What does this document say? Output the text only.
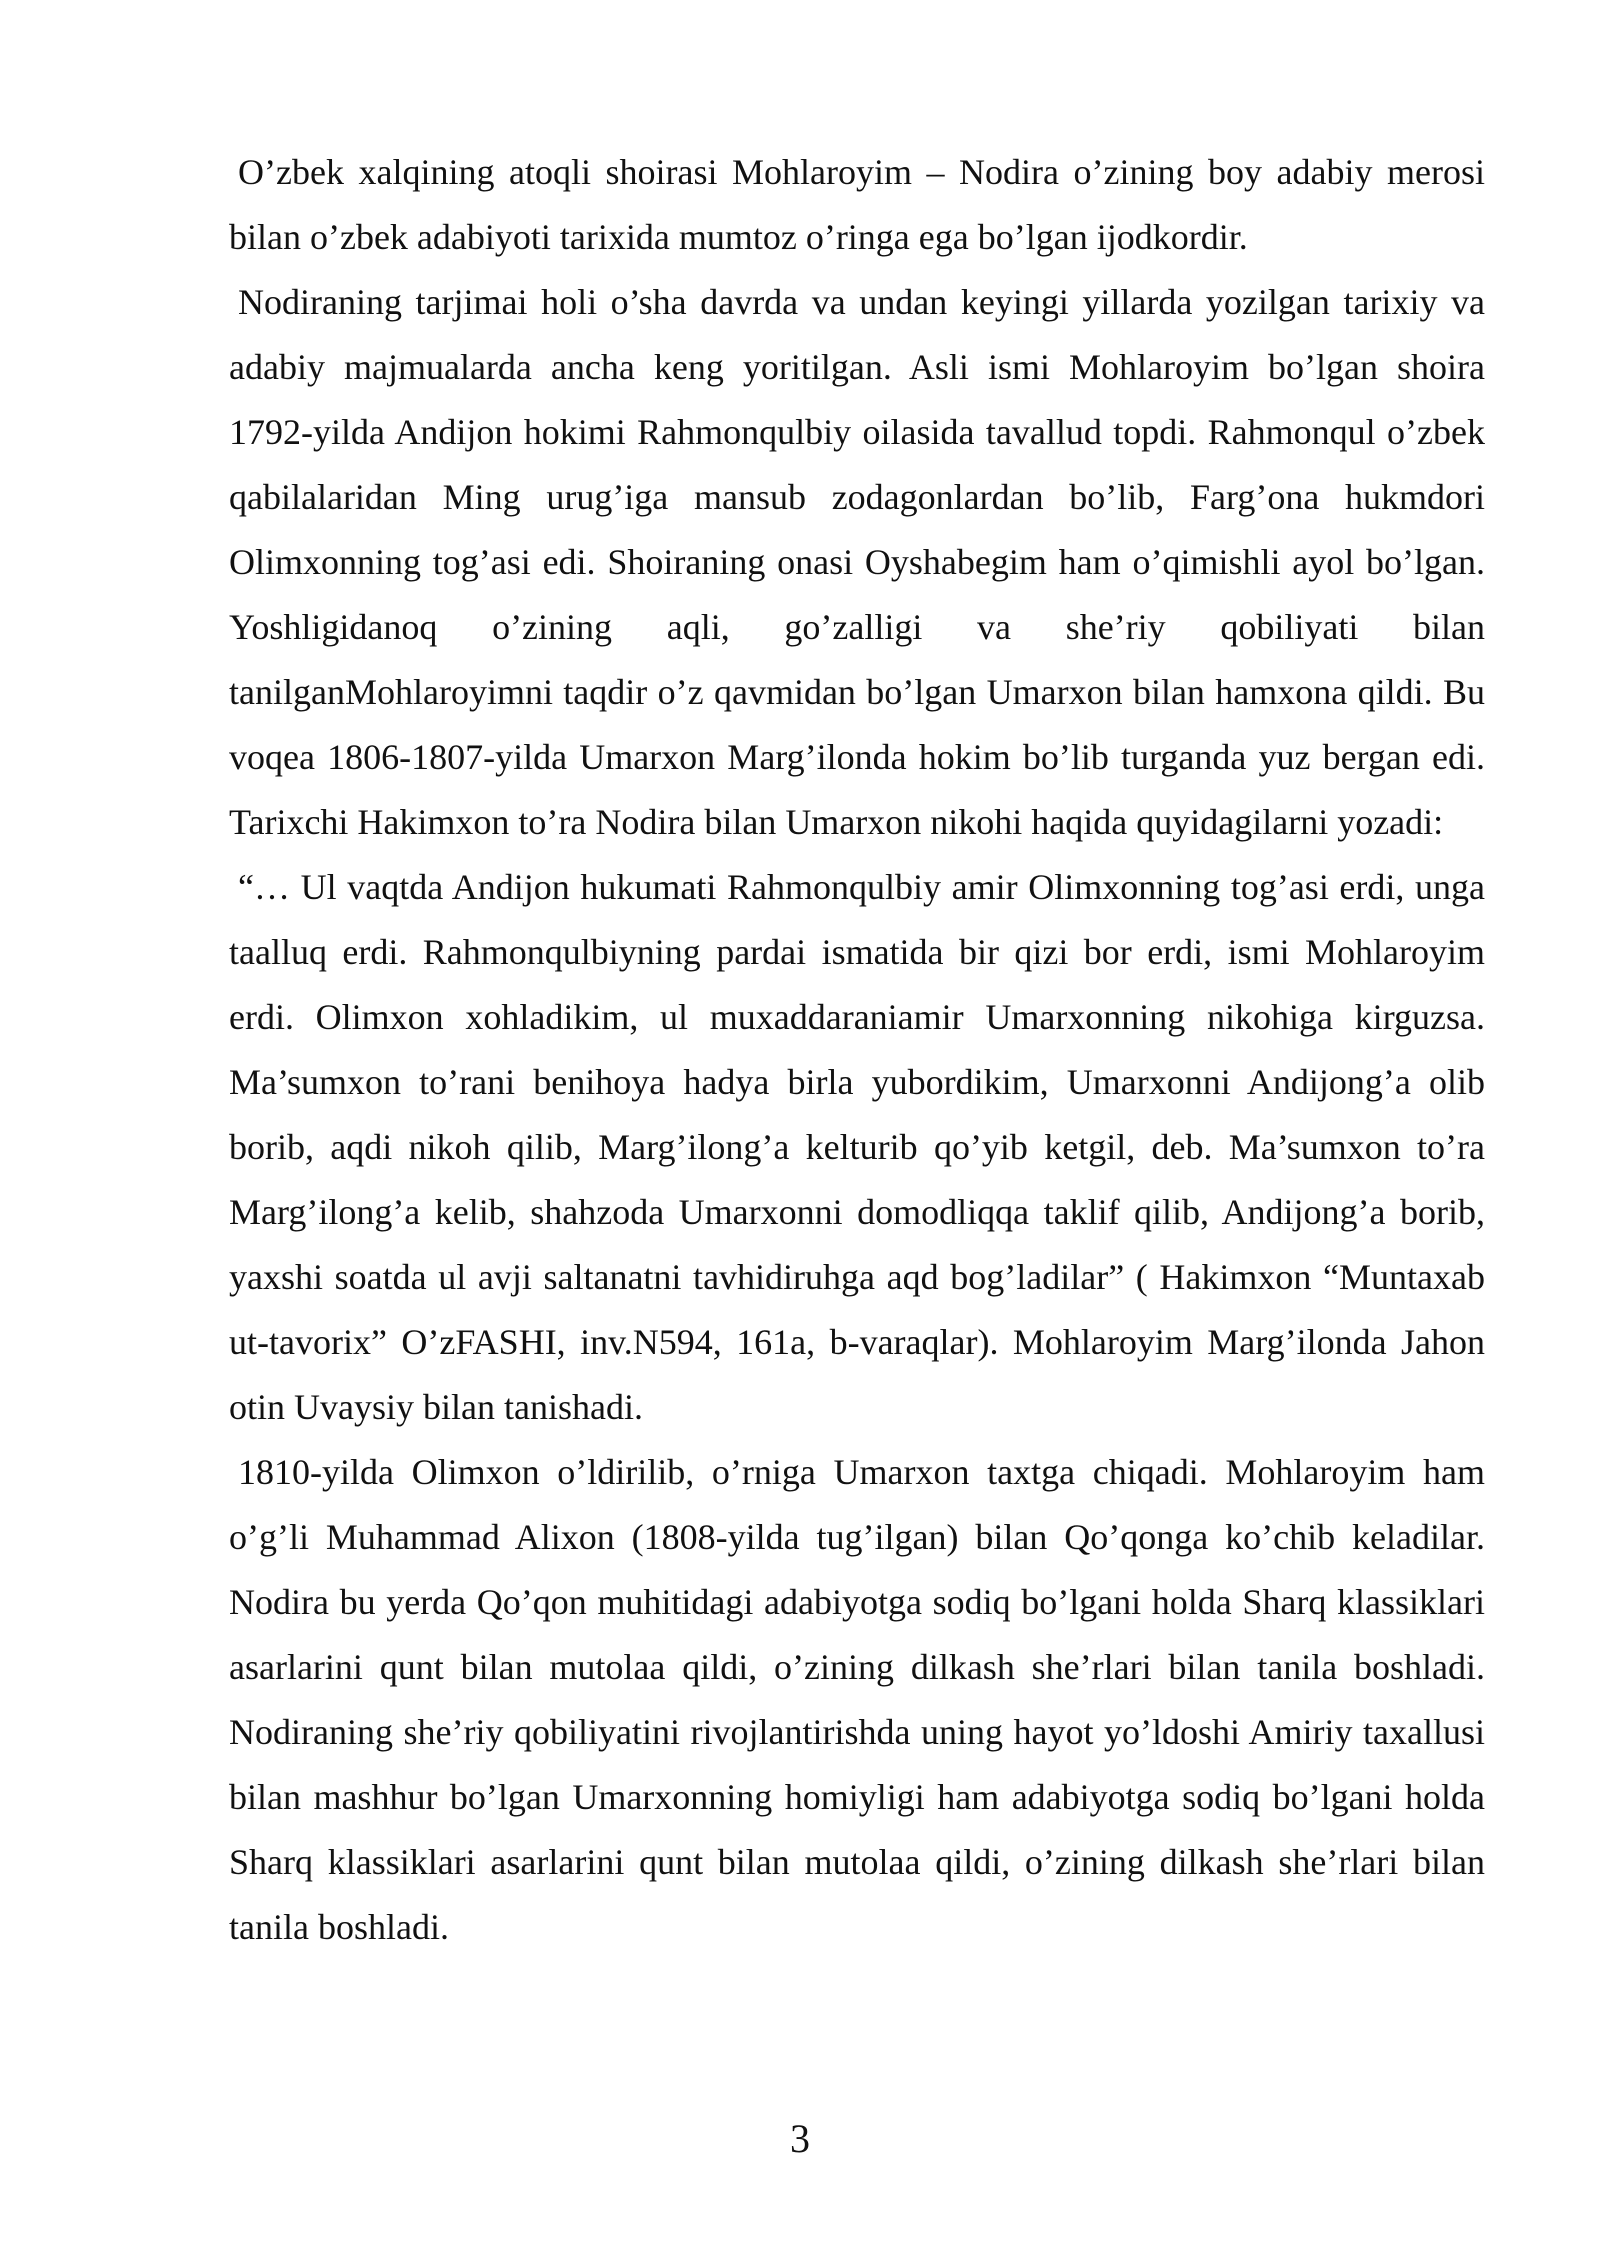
O’zbek xalqining atoqli shoirasi Mohlaroyim – Nodira o’zining boy adabiy merosi bilan o’zbek adabiyoti tarixida mumtoz o’ringa ega bo’lgan ijodkordir.

Nodiraning tarjimai holi o’sha davrda va undan keyingi yillarda yozilgan tarixiy va adabiy majmualarda ancha keng yoritilgan. Asli ismi Mohlaroyim bo’lgan shoira 1792-yilda Andijon hokimi Rahmonqulbiy oilasida tavallud topdi. Rahmonqul o’zbek qabilalaridan Ming urug’iga mansub zodagonlardan bo’lib, Farg’ona hukmdori Olimxonning tog’asi edi. Shoiraning onasi Oyshabegim ham o’qimishli ayol bo’lgan. Yoshligidanoq o’zining aqli, go’zalligi va she’riy qobiliyati bilan tanilganMohlaroyimni taqdir o’z qavmidan bo’lgan Umarxon bilan hamxona qildi. Bu voqea 1806-1807-yilda Umarxon Marg’ilonda hokim bo’lib turganda yuz bergan edi. Tarixchi Hakimxon to’ra Nodira bilan Umarxon nikohi haqida quyidagilarni yozadi:

“… Ul vaqtda Andijon hukumati Rahmonqulbiy amir Olimxonning tog’asi erdi, unga taalluq erdi. Rahmonqulbiyning pardai ismatida bir qizi bor erdi, ismi Mohlaroyim erdi. Olimxon xohladikim, ul muxaddaraniamir Umarxonning nikohiga kirguzsa. Ma’sumxon to’rani benihoya hadya birla yubordikim, Umarxonni Andijong’a olib borib, aqdi nikoh qilib, Marg’ilong’a kelturib qo’yib ketgil, deb. Ma’sumxon to’ra Marg’ilong’a kelib, shahzoda Umarxonni domodliqqa taklif qilib, Andijong’a borib, yaxshi soatda ul avji saltanatni tavhidiruhga aqd bog’ladilar” ( Hakimxon “Muntaxab ut-tavorix” O’zFASHI, inv.N594, 161a, b-varaqlar). Mohlaroyim Marg’ilonda Jahon otin Uvaysiy bilan tanishadi.

1810-yilda Olimxon o’ldirilib, o’rniga Umarxon taxtga chiqadi. Mohlaroyim ham o’g’li Muhammad Alixon (1808-yilda tug’ilgan) bilan Qo’qonga ko’chib keladilar. Nodira bu yerda Qo’qon muhitidagi adabiyotga sodiq bo’lgani holda Sharq klassiklari asarlarini qunt bilan mutolaa qildi, o’zining dilkash she’rlari bilan tanila boshladi. Nodiraning she’riy qobiliyatini rivojlantirishda uning hayot yo’ldoshi Amiriy taxallusi bilan mashhur bo’lgan Umarxonning homiyligi ham adabiyotga sodiq bo’lgani holda Sharq klassiklari asarlarini qunt bilan mutolaa qildi, o’zining dilkash she’rlari bilan tanila boshladi.

3
